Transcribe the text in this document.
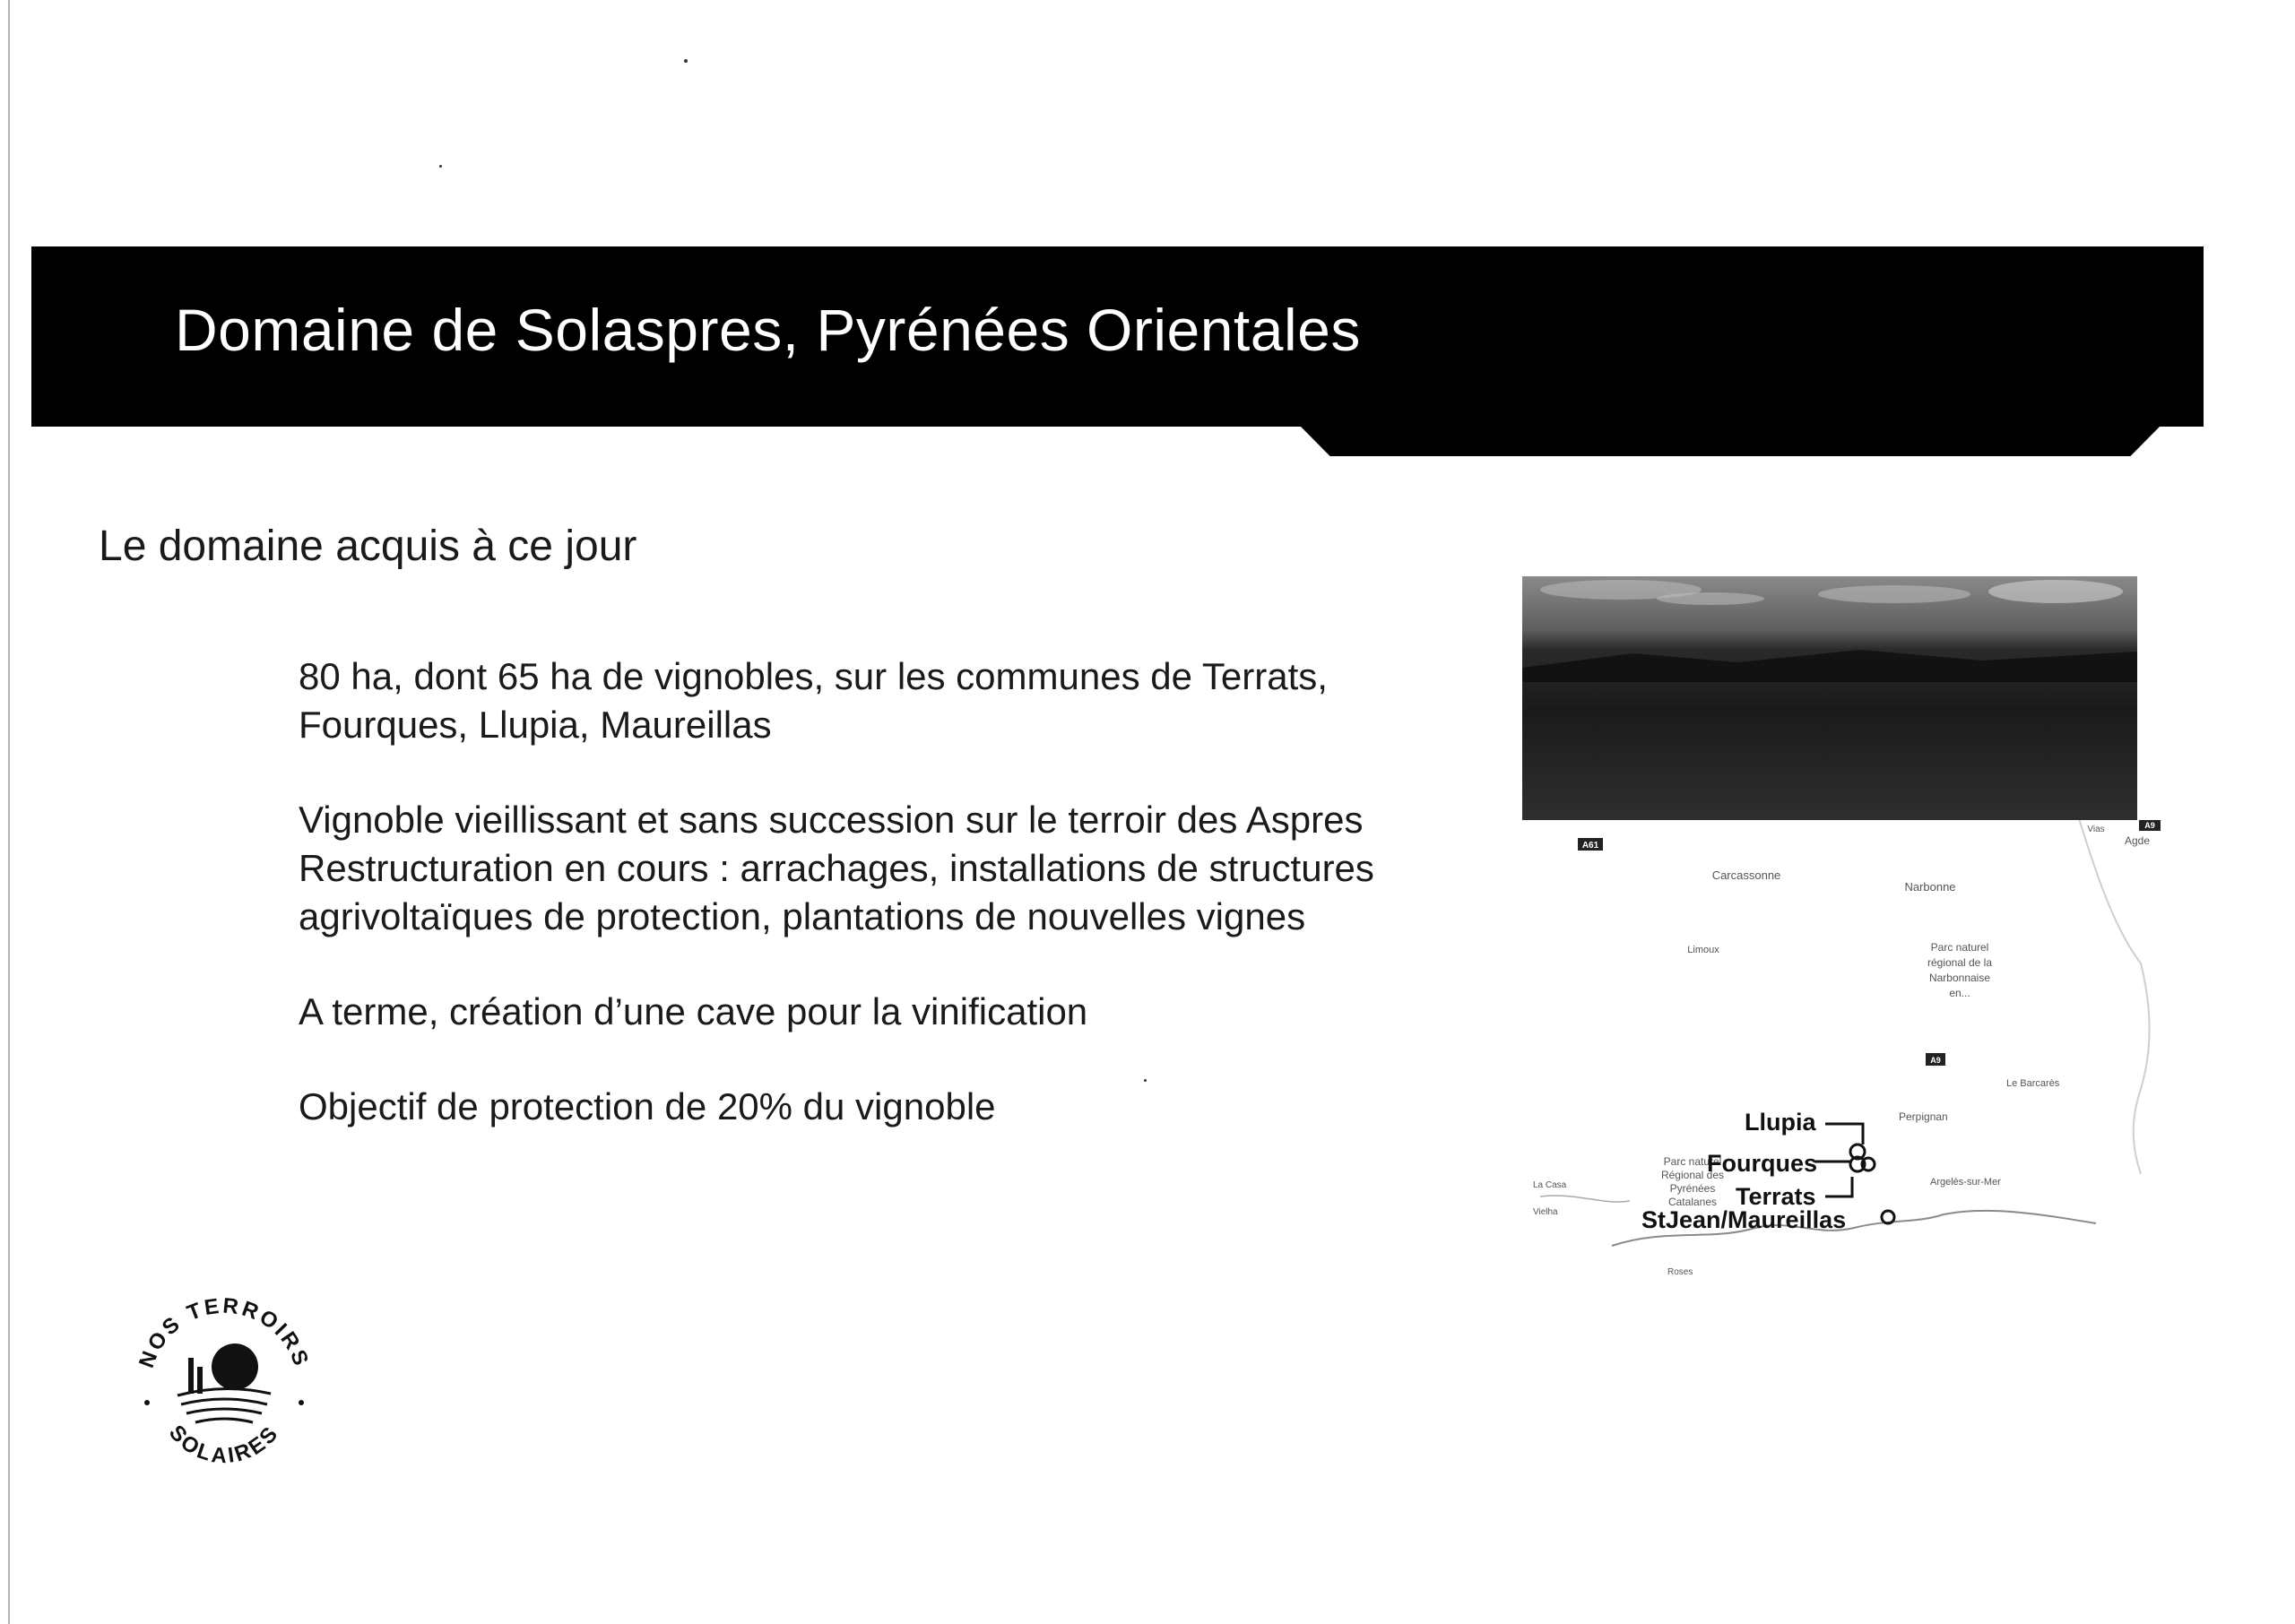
Domaine de Solaspres, Pyrénées Orientales

Le domaine acquis à ce jour

80 ha, dont 65 ha de vignobles, sur les communes de Terrats,
Fourques, Llupia, Maureillas

Vignoble vieillissant et sans succession sur le terroir des Aspres
Restructuration en cours : arrachages, installations de structures
agrivoltaïques de protection, plantations de nouvelles vignes

A terme, création d’une cave pour la vinification

Objectif de protection de 20% du vignoble

A61
A9
A9
Carcassonne
Narbonne
Limoux	Parc naturel
régional de la
Narbonnaise
en...
Vias
Agde
Le Barcarès
Perpignan
Argelès-sur-Mer
Parc naturel
Régional des
Pyrénées
Catalanes
La Casa
Vielha
Roses
Llupia
Fourques
Terrats
StJean/Maureillas
NOS TERROIRS
SOLAIRES
